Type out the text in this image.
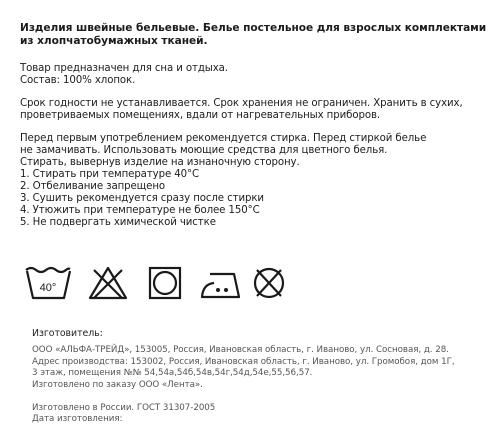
Изделия швейные бельевые. Белье постельное для взрослых комплектами
из хлопчатобумажных тканей.

Товар предназначен для сна и отдыха.

Состав: 100% хлопок.

Срок годности не устанавливается. Срок хранения не ограничен. Хранить в сухих,
проветриваемых помещениях, вдали от нагревательных приборов.

Перед первым употреблением рекомендуется стирка. Перед стиркой белье
не замачивать. Использовать моющие средства для цветного белья.
Стирать, вывернув изделие на изнаночную сторону.

1. Стирать при температуре 40°С
2. Отбеливание запрещено
3. Сушить рекомендуется сразу после стирки
4. Утюжить при температуре не более 150°С
5. Не подвергать химической чистке
40°
Изготовитель:
ООО «АЛЬФА-ТРЕЙД», 153005, Россия, Ивановская область, г. Иваново, ул. Сосновая, д. 28.
Адрес производства: 153002, Россия, Ивановская область, г. Иваново, ул. Громобоя, дом 1Г,
3 этаж, помещения №№ 54,54а,54б,54в,54г,54д,54е,55,56,57.
Изготовлено по заказу ООО «Лента».
Изготовлено в России. ГОСТ 31307-2005
Дата изготовления:
